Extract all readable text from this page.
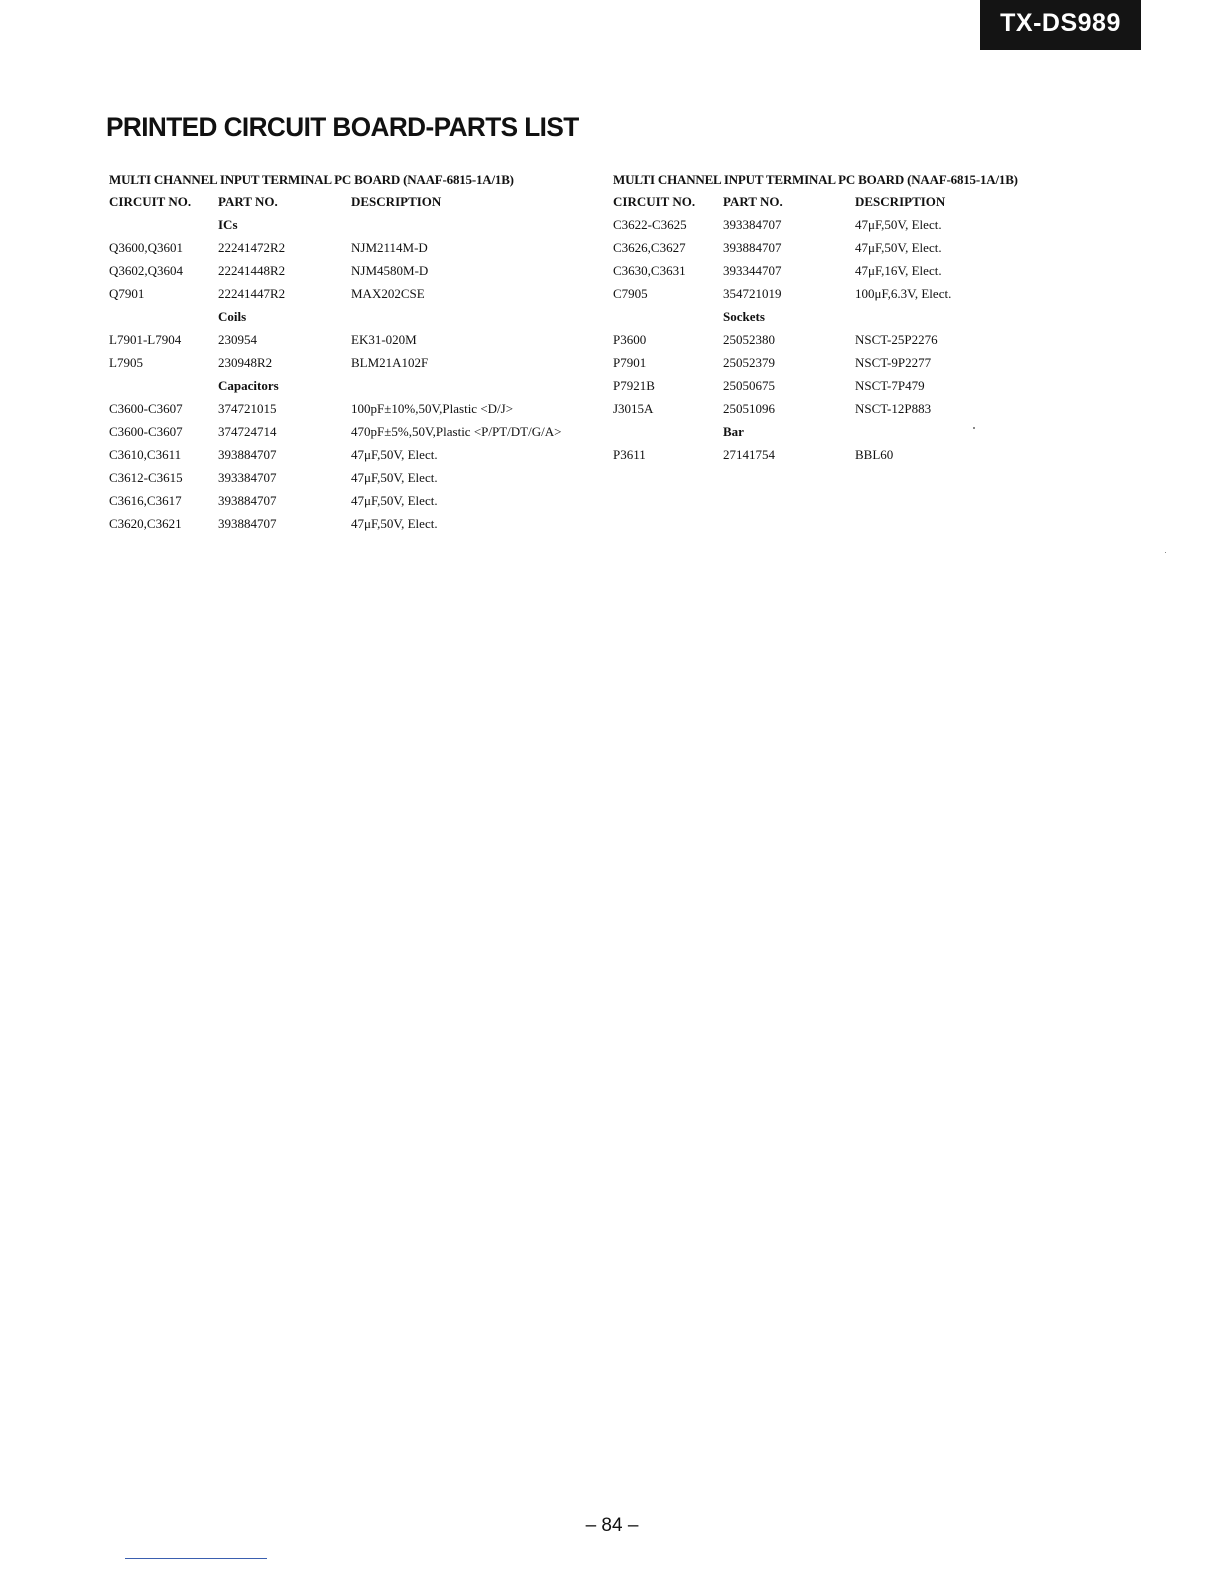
TX-DS989
PRINTED CIRCUIT BOARD-PARTS LIST
MULTI CHANNEL INPUT TERMINAL PC BOARD (NAAF-6815-1A/1B)
CIRCUIT NO. PART NO.	DESCRIPTION
ICs
Q3600,Q3601	22241472R2	NJM2114M-D
Q3602,Q3604	22241448R2	NJM4580M-D
Q7901	22241447R2	MAX202CSE
Coils
L7901-L7904	230954	EK31-020M
L7905	230948R2	BLM21A102F
Capacitors
C3600-C3607	374721015	100pF±10%,50V,Plastic <D/J>
C3600-C3607	374724714	470pF±5%,50V,Plastic <P/PT/DT/G/A>
C3610,C3611	393884707	47μF,50V, Elect.
C3612-C3615	393384707	47μF,50V, Elect.
C3616,C3617	393884707	47μF,50V, Elect.
C3620,C3621	393884707	47μF,50V, Elect.
MULTI CHANNEL INPUT TERMINAL PC BOARD (NAAF-6815-1A/1B)
CIRCUIT NO. PART NO.	DESCRIPTION
C3622-C3625	393384707	47μF,50V, Elect.
C3626,C3627	393884707	47μF,50V, Elect.
C3630,C3631	393344707	47μF,16V, Elect.
C7905	354721019	100μF,6.3V, Elect.
Sockets
P3600	25052380	NSCT-25P2276
P7901	25052379	NSCT-9P2277
P7921B	25050675	NSCT-7P479
J3015A	25051096	NSCT-12P883
Bar
P3611	27141754	BBL60
– 84 –
